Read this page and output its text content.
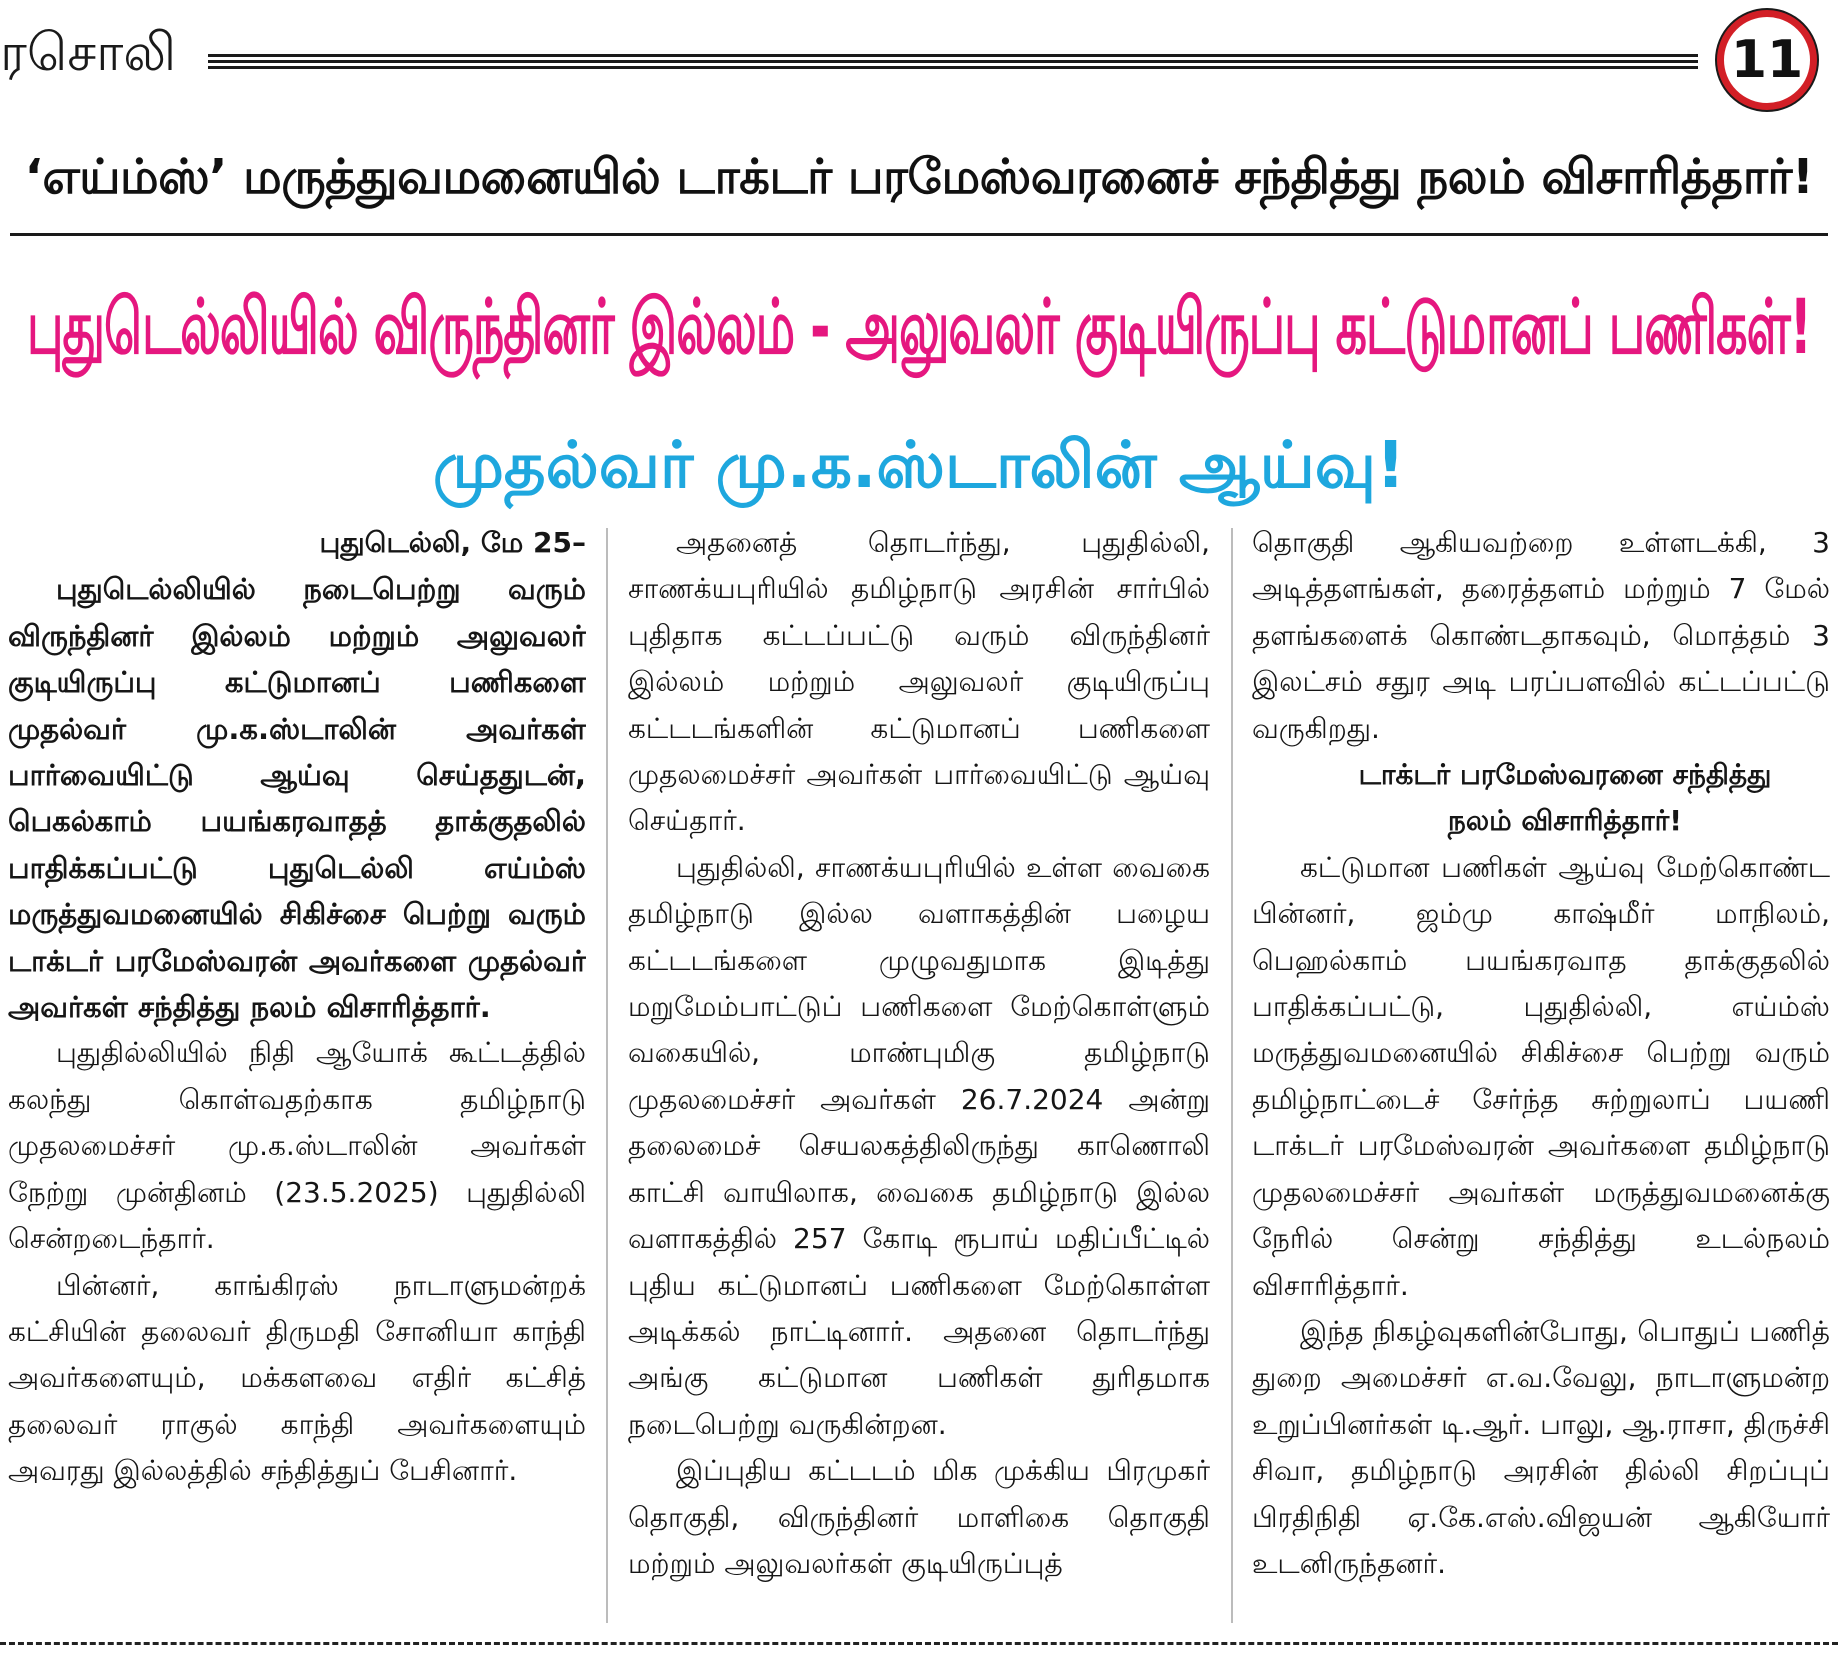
ரசொலி	11
‘எய்ம்ஸ்’ மருத்துவமனையில் டாக்டர் பரமேஸ்வரனைச் சந்தித்து நலம் விசாரித்தார்!
புதுடெல்லியில் விருந்தினர் இல்லம் - அலுவலர் குடியிருப்பு கட்டுமானப் பணிகள்!
முதல்வர் மு.க.ஸ்டாலின் ஆய்வு!

புதுடெல்லி, மே 25–

புதுடெல்லியில் நடைபெற்று வரும் விருந்தினர் இல்லம் மற்றும் அலுவலர் குடியிருப்பு கட்டுமானப் பணிகளை முதல்வர் மு.க.ஸ்டாலின் அவர்கள் பார்வையிட்டு ஆய்வு செய்ததுடன், பெகல்காம் பயங்கரவாதத் தாக்குதலில் பாதிக்கப்பட்டு புதுடெல்லி எய்ம்ஸ் மருத்துவமனையில் சிகிச்சை பெற்று வரும் டாக்டர் பரமேஸ்வரன் அவர்களை முதல்வர் அவர்கள் சந்தித்து நலம் விசாரித்தார்.

புதுதில்லியில் நிதி ஆயோக் கூட்டத்தில் கலந்து கொள்வதற்காக தமிழ்நாடு முதலமைச்சர் மு.க.ஸ்டாலின் அவர்கள் நேற்று முன்தினம் (23.5.2025) புதுதில்லி சென்றடைந்தார்.

பின்னர், காங்கிரஸ் நாடாளுமன்றக் கட்சியின் தலைவர் திருமதி சோனியா காந்தி அவர்களையும், மக்களவை எதிர் கட்சித் தலைவர் ராகுல் காந்தி அவர்களையும் அவரது இல்லத்தில் சந்தித்துப் பேசினார்.

அதனைத் தொடர்ந்து, புதுதில்லி, சாணக்யபுரியில் தமிழ்நாடு அரசின் சார்பில் புதிதாக கட்டப்பட்டு வரும் விருந்தினர் இல்லம் மற்றும் அலுவலர் குடியிருப்பு கட்டடங்களின் கட்டுமானப் பணிகளை முதலமைச்சர் அவர்கள் பார்வையிட்டு ஆய்வு செய்தார்.

புதுதில்லி, சாணக்யபுரியில் உள்ள வைகை தமிழ்நாடு இல்ல வளாகத்தின் பழைய கட்டடங்களை முழுவதுமாக இடித்து மறுமேம்பாட்டுப் பணிகளை மேற்கொள்ளும் வகையில், மாண்புமிகு தமிழ்நாடு முதலமைச்சர் அவர்கள் 26.7.2024 அன்று தலைமைச் செயலகத்திலிருந்து காணொலி காட்சி வாயிலாக, வைகை தமிழ்நாடு இல்ல வளாகத்தில் 257 கோடி ரூபாய் மதிப்பீட்டில் புதிய கட்டுமானப் பணிகளை மேற்கொள்ள அடிக்கல் நாட்டினார். அதனை தொடர்ந்து அங்கு கட்டுமான பணிகள் துரிதமாக நடைபெற்று வருகின்றன.

இப்புதிய கட்டடம் மிக முக்கிய பிரமுகர் தொகுதி, விருந்தினர் மாளிகை தொகுதி மற்றும் அலுவலர்கள் குடியிருப்புத்

தொகுதி ஆகியவற்றை உள்ளடக்கி, 3 அடித்தளங்கள், தரைத்தளம் மற்றும் 7 மேல் தளங்களைக் கொண்டதாகவும், மொத்தம் 3 இலட்சம் சதுர அடி பரப்பளவில் கட்டப்பட்டு வருகிறது.

டாக்டர் பரமேஸ்வரனை சந்தித்து

நலம் விசாரித்தார்!

கட்டுமான பணிகள் ஆய்வு மேற்கொண்ட பின்னர், ஜம்மு காஷ்மீர் மாநிலம், பெஹல்காம் பயங்கரவாத தாக்குதலில் பாதிக்கப்பட்டு, புதுதில்லி, எய்ம்ஸ் மருத்துவமனையில் சிகிச்சை பெற்று வரும் தமிழ்நாட்டைச் சேர்ந்த சுற்றுலாப் பயணி டாக்டர் பரமேஸ்வரன் அவர்களை தமிழ்நாடு முதலமைச்சர் அவர்கள் மருத்துவமனைக்கு நேரில் சென்று சந்தித்து உடல்நலம் விசாரித்தார்.

இந்த நிகழ்வுகளின்போது, பொதுப் பணித் துறை அமைச்சர் எ.வ.வேலு, நாடாளுமன்ற உறுப்பினர்கள் டி.ஆர். பாலு, ஆ.ராசா, திருச்சி சிவா, தமிழ்நாடு அரசின் தில்லி சிறப்புப் பிரதிநிதி ஏ.கே.எஸ்.விஜயன் ஆகியோர் உடனிருந்தனர்.
